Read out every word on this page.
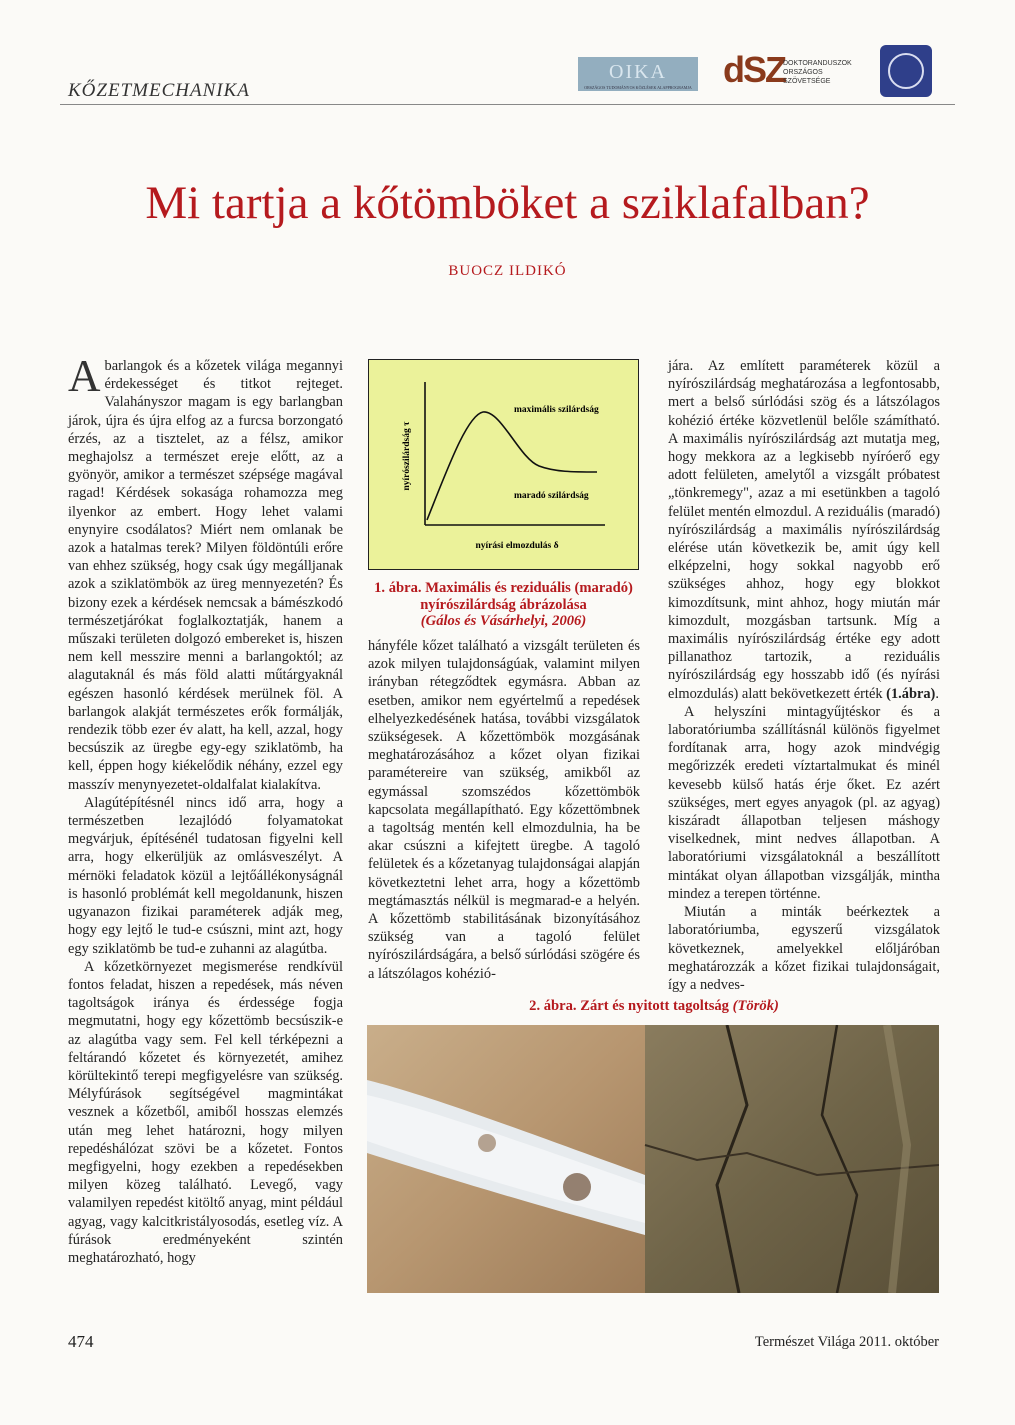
KŐZETMECHANIKA
OIKA
ORSZÁGOS TUDOMÁNYOS KÖZLÉSEK ALAPPROGRAMJA dSZ
DOKTORANDUSZOK
ORSZÁGOS
SZÖVETSÉGE
Mi tartja a kőtömböket a sziklafalban?
BUOCZ ILDIKÓ

Abarlangok és a kőzetek világa megannyi érdekességet és titkot rejteget. Valahányszor magam is egy barlangban járok, újra és újra elfog az a furcsa borzongató érzés, az a tisztelet, az a félsz, amikor meghajolsz a természet ereje előtt, az a gyönyör, amikor a természet szépsége magával ragad! Kérdések sokasága rohamozza meg ilyenkor az embert. Hogy lehet valami enynyire csodálatos? Miért nem omlanak be azok a hatalmas terek? Milyen földöntúli erőre van ehhez szükség, hogy csak úgy megálljanak azok a sziklatömbök az üreg mennyezetén? És bizony ezek a kérdések nemcsak a bámészkodó természetjárókat foglalkoztatják, hanem a műszaki területen dolgozó embereket is, hiszen nem kell messzire menni a barlangoktól; az alagutaknál és más föld alatti műtárgyaknál egészen hasonló kérdések merülnek föl. A barlangok alakját természetes erők formálják, rendezik több ezer év alatt, ha kell, azzal, hogy becsúszik az üregbe egy-egy sziklatömb, ha kell, éppen hogy kiékelődik néhány, ezzel egy masszív menynyezetet-oldalfalat kialakítva.

Alagútépítésnél nincs idő arra, hogy a természetben lezajlódó folyamatokat megvárjuk, építésénél tudatosan figyelni kell arra, hogy elkerüljük az omlásveszélyt. A mérnöki feladatok közül a lejtőállékonyságnál is hasonló problémát kell megoldanunk, hiszen ugyanazon fizikai paraméterek adják meg, hogy egy lejtő le tud-e csúszni, mint azt, hogy egy sziklatömb be tud-e zuhanni az alagútba.

A kőzetkörnyezet megismerése rendkívül fontos feladat, hiszen a repedések, más néven tagoltságok iránya és érdessége fogja megmutatni, hogy egy kőzettömb becsúszik-e az alagútba vagy sem. Fel kell térképezni a feltárandó kőzetet és környezetét, amihez körültekintő terepi megfigyelésre van szükség. Mélyfúrások segítségével magmintákat vesznek a kőzetből, amiből hosszas elemzés után meg lehet határozni, hogy milyen repedéshálózat szövi be a kőzetet. Fontos megfigyelni, hogy ezekben a repedésekben milyen közeg található. Levegő, vagy valamilyen repedést kitöltő anyag, mint például agyag, vagy kalcitkristályosodás, esetleg víz. A fúrások eredményeként szintén meghatározható, hogy

nyírószilárdság τ
nyírási elmozdulás δ
maximális szilárdság
maradó szilárdság
1. ábra. Maximális és reziduális (maradó) nyírószilárdság ábrázolása
(Gálos és Vásárhelyi, 2006)

hányféle kőzet található a vizsgált területen és azok milyen tulajdonságúak, valamint milyen irányban rétegződtek egymásra. Abban az esetben, amikor nem egyértelmű a repedések elhelyezkedésének hatása, további vizsgálatok szükségesek. A kőzettömbök mozgásának meghatározásához a kőzet olyan fizikai paramétereire van szükség, amikből az egymással szomszédos kőzettömbök kapcsolata megállapítható. Egy kőzettömbnek a tagoltság mentén kell elmozdulnia, ha be akar csúszni a kifejtett üregbe. A tagoló felületek és a kőzetanyag tulajdonságai alapján következtetni lehet arra, hogy a kőzettömb megtámasztás nélkül is megmarad-e a helyén. A kőzettömb stabilitásának bizonyításához szükség van a tagoló felület nyírószilárdságára, a belső súrlódási szögére és a látszólagos kohézió-

jára. Az említett paraméterek közül a nyírószilárdság meghatározása a legfontosabb, mert a belső súrlódási szög és a látszólagos kohézió értéke közvetlenül belőle számítható. A maximális nyírószilárdság azt mutatja meg, hogy mekkora az a legkisebb nyíróerő egy adott felületen, amelytől a vizsgált próbatest „tönkremegy", azaz a mi esetünkben a tagoló felület mentén elmozdul. A reziduális (maradó) nyírószilárdság a maximális nyírószilárdság elérése után következik be, amit úgy kell elképzelni, hogy sokkal nagyobb erő szükséges ahhoz, hogy egy blokkot kimozdítsunk, mint ahhoz, hogy miután már kimozdult, mozgásban tartsunk. Míg a maximális nyírószilárdság értéke egy adott pillanathoz tartozik, a reziduális nyírószilárdság egy hosszabb idő (és nyírási elmozdulás) alatt bekövetkezett érték (1.ábra).

A helyszíni mintagyűjtéskor és a laboratóriumba szállításnál különös figyelmet fordítanak arra, hogy azok mindvégig megőrizzék eredeti víztartalmukat és minél kevesebb külső hatás érje őket. Ez azért szükséges, mert egyes anyagok (pl. az agyag) kiszáradt állapotban teljesen máshogy viselkednek, mint nedves állapotban. A laboratóriumi vizsgálatoknál a beszállított mintákat olyan állapotban vizsgálják, mintha mindez a terepen történne.

Miután a minták beérkeztek a laboratóriumba, egyszerű vizsgálatok következnek, amelyekkel előljáróban meghatározzák a kőzet fizikai tulajdonságait, így a nedves-

2. ábra. Zárt és nyitott tagoltság (Török)
474	Természet Világa 2011. október
